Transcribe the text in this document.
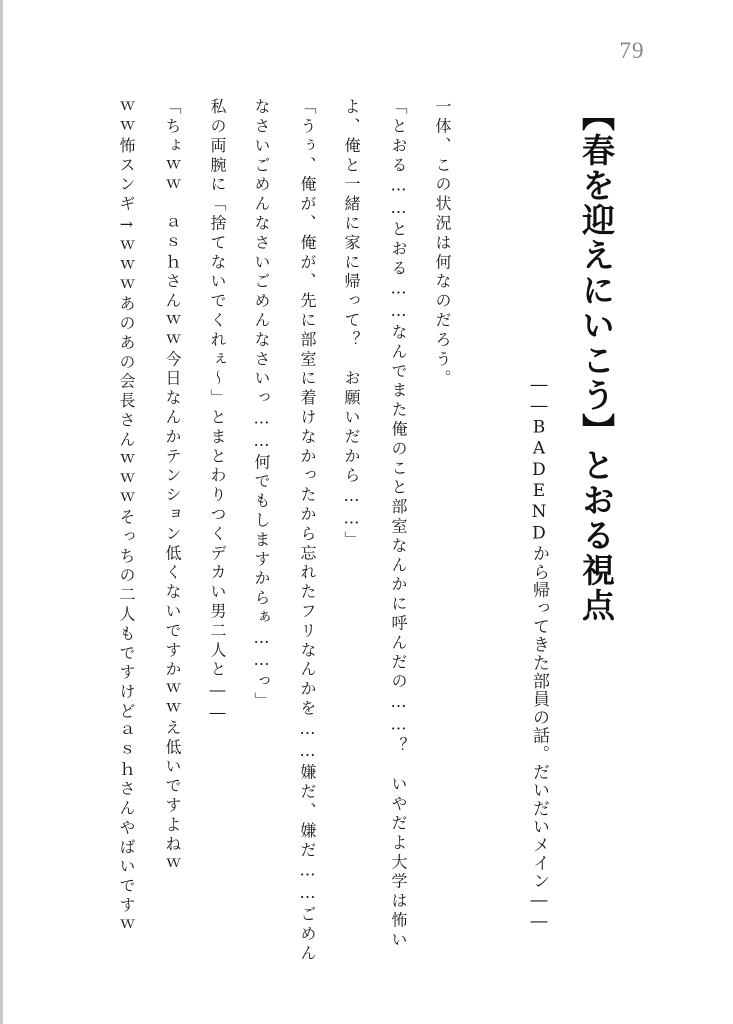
79
【春を迎えにいこう】とおる視点
――BADENDから帰ってきた部員の話。だいだいメイン――
一体、この状況は何なのだろう。
「とおる……とおる……なんでまた俺のこと部室なんかに呼んだの……？　いやだよ大学は怖い
よ、俺と一緒に家に帰って？　お願いだから……」
「うぅ、俺が、俺が、先に部室に着けなかったから忘れたフリなんかを……嫌だ、嫌だ……ごめん
なさいごめんなさいごめんなさいっ……何でもしますからぁ……っ」
私の両腕に「捨てないでくれぇ～」とまとわりつくデカい男二人と――
「ちょｗｗ　ａｓｈさんｗｗ今日なんかテンション低くないですかｗｗえ低いですよねｗ
ｗｗ怖スンギ→ｗｗｗあのあの会長さんｗｗｗそっちの二人もですけどａｓｈさんやばいですｗ
